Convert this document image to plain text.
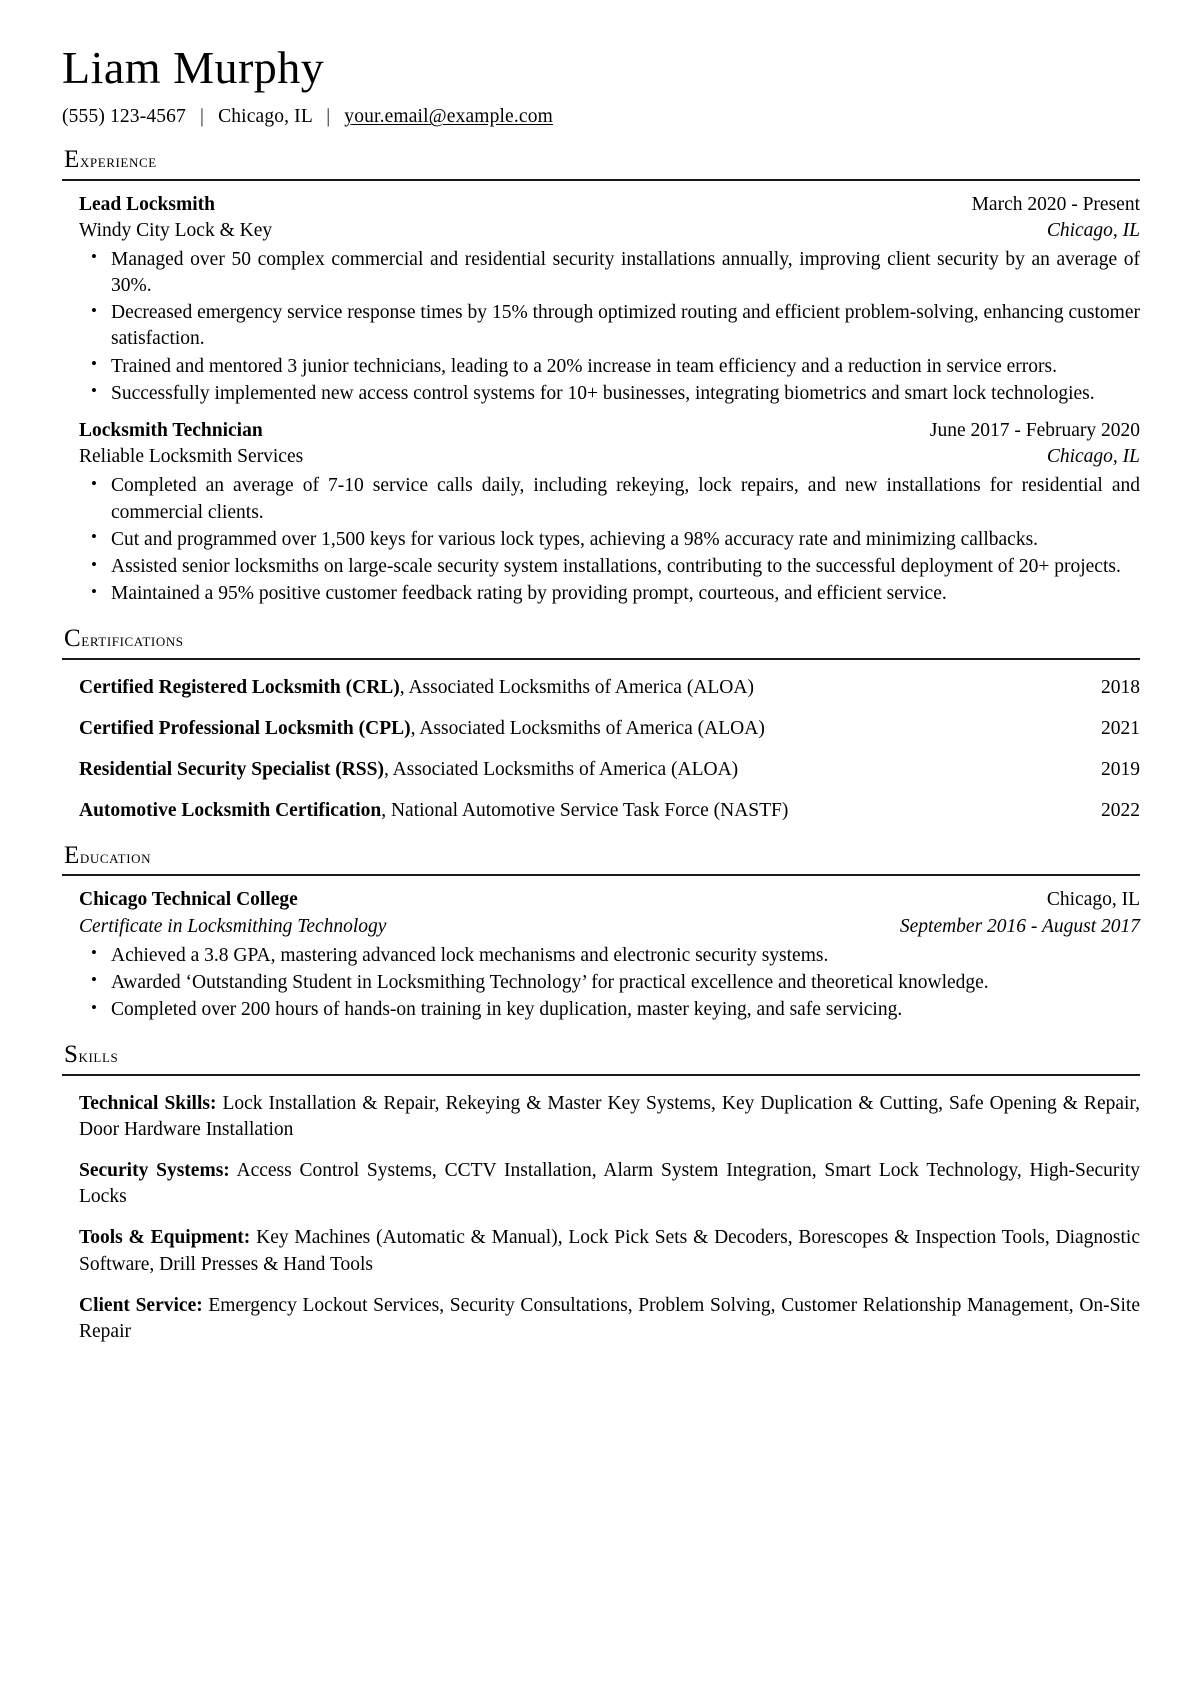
Liam Murphy
(555) 123-4567 | Chicago, IL | your.email@example.com
Experience
Lead Locksmith	March 2020 - Present
Windy City Lock & Key	Chicago, IL
• Managed over 50 complex commercial and residential security installations annually, improving client security by an average of 30%.
• Decreased emergency service response times by 15% through optimized routing and efficient problem-solving, enhancing customer satisfaction.
• Trained and mentored 3 junior technicians, leading to a 20% increase in team efficiency and a reduction in service errors.
• Successfully implemented new access control systems for 10+ businesses, integrating biometrics and smart lock technologies.
Locksmith Technician	June 2017 - February 2020
Reliable Locksmith Services	Chicago, IL
• Completed an average of 7-10 service calls daily, including rekeying, lock repairs, and new installations for residential and commercial clients.
• Cut and programmed over 1,500 keys for various lock types, achieving a 98% accuracy rate and minimizing callbacks.
• Assisted senior locksmiths on large-scale security system installations, contributing to the successful deployment of 20+ projects.
• Maintained a 95% positive customer feedback rating by providing prompt, courteous, and efficient service.
Certifications
Certified Registered Locksmith (CRL), Associated Locksmiths of America (ALOA)	2018
Certified Professional Locksmith (CPL), Associated Locksmiths of America (ALOA)	2021
Residential Security Specialist (RSS), Associated Locksmiths of America (ALOA)	2019
Automotive Locksmith Certification, National Automotive Service Task Force (NASTF)	2022
Education
Chicago Technical College	Chicago, IL
Certificate in Locksmithing Technology	September 2016 - August 2017
• Achieved a 3.8 GPA, mastering advanced lock mechanisms and electronic security systems.
• Awarded ‘Outstanding Student in Locksmithing Technology’ for practical excellence and theoretical knowledge.
• Completed over 200 hours of hands-on training in key duplication, master keying, and safe servicing.
Skills
Technical Skills: Lock Installation & Repair, Rekeying & Master Key Systems, Key Duplication & Cutting, Safe Opening & Repair, Door Hardware Installation
Security Systems: Access Control Systems, CCTV Installation, Alarm System Integration, Smart Lock Technology, High-Security Locks
Tools & Equipment: Key Machines (Automatic & Manual), Lock Pick Sets & Decoders, Borescopes & Inspection Tools, Diagnostic Software, Drill Presses & Hand Tools
Client Service: Emergency Lockout Services, Security Consultations, Problem Solving, Customer Relationship Management, On-Site Repair
